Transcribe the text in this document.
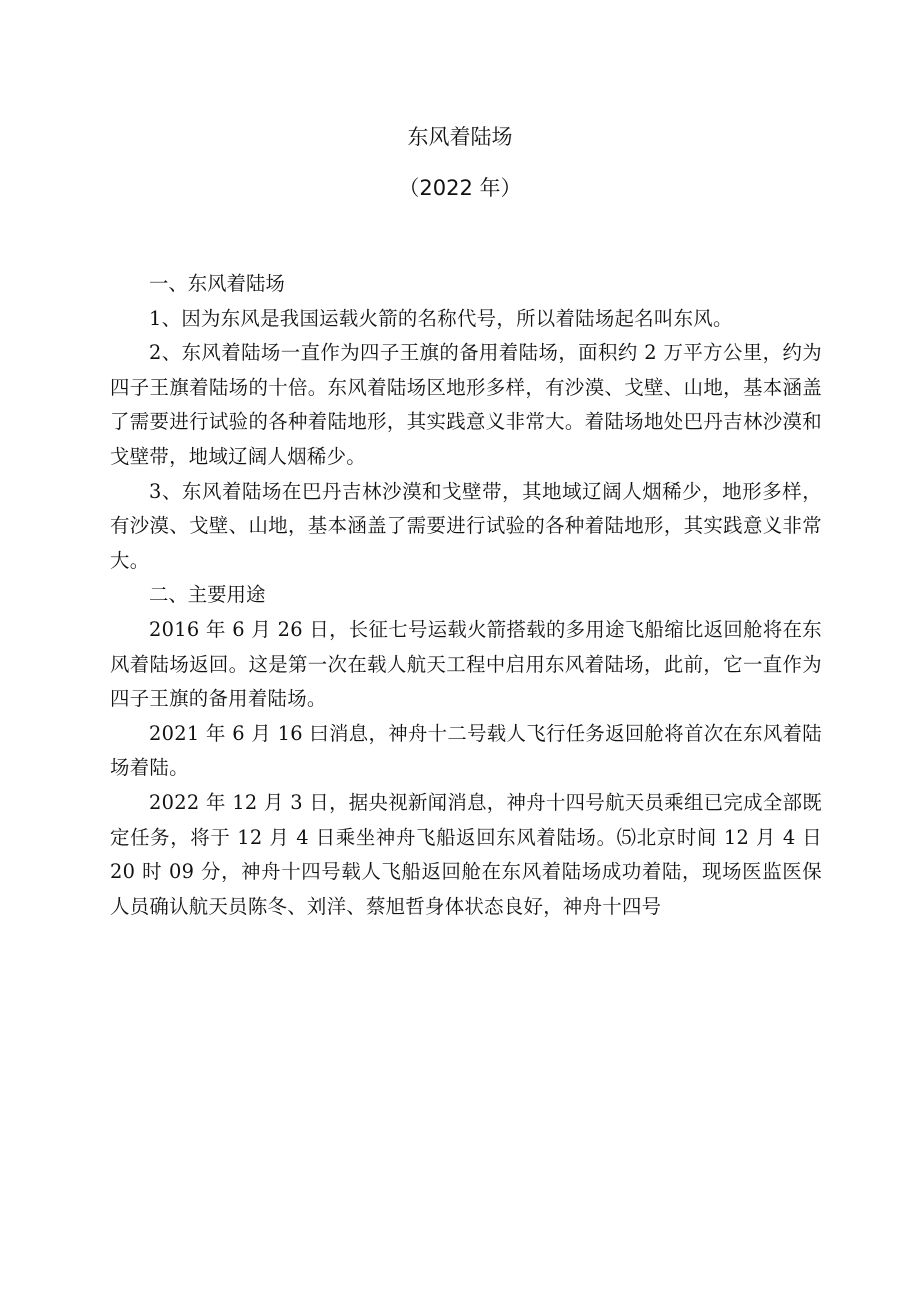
东风着陆场
（2022 年）

一、东风着陆场

1、因为东风是我国运载火箭的名称代号，所以着陆场起名叫东风。

2、东风着陆场一直作为四子王旗的备用着陆场，面积约 2 万平方公里，约为四子王旗着陆场的十倍。东风着陆场区地形多样，有沙漠、戈壁、山地，基本涵盖了需要进行试验的各种着陆地形，其实践意义非常大。着陆场地处巴丹吉林沙漠和戈壁带，地域辽阔人烟稀少。

3、东风着陆场在巴丹吉林沙漠和戈壁带，其地域辽阔人烟稀少，地形多样，有沙漠、戈壁、山地，基本涵盖了需要进行试验的各种着陆地形，其实践意义非常大。

二、主要用途

2016 年 6 月 26 日，长征七号运载火箭搭载的多用途飞船缩比返回舱将在东风着陆场返回。这是第一次在载人航天工程中启用东风着陆场，此前，它一直作为四子王旗的备用着陆场。

2021 年 6 月 16 曰消息，神舟十二号载人飞行任务返回舱将首次在东风着陆场着陆。

2022 年 12 月 3 日，据央视新闻消息，神舟十四号航天员乘组已完成全部既定任务，将于 12 月 4 日乘坐神舟飞船返回东风着陆场。⑸北京时间 12 月 4 日 20 时 09 分，神舟十四号载人飞船返回舱在东风着陆场成功着陆，现场医监医保人员确认航天员陈冬、刘洋、蔡旭哲身体状态良好，神舟十四号
